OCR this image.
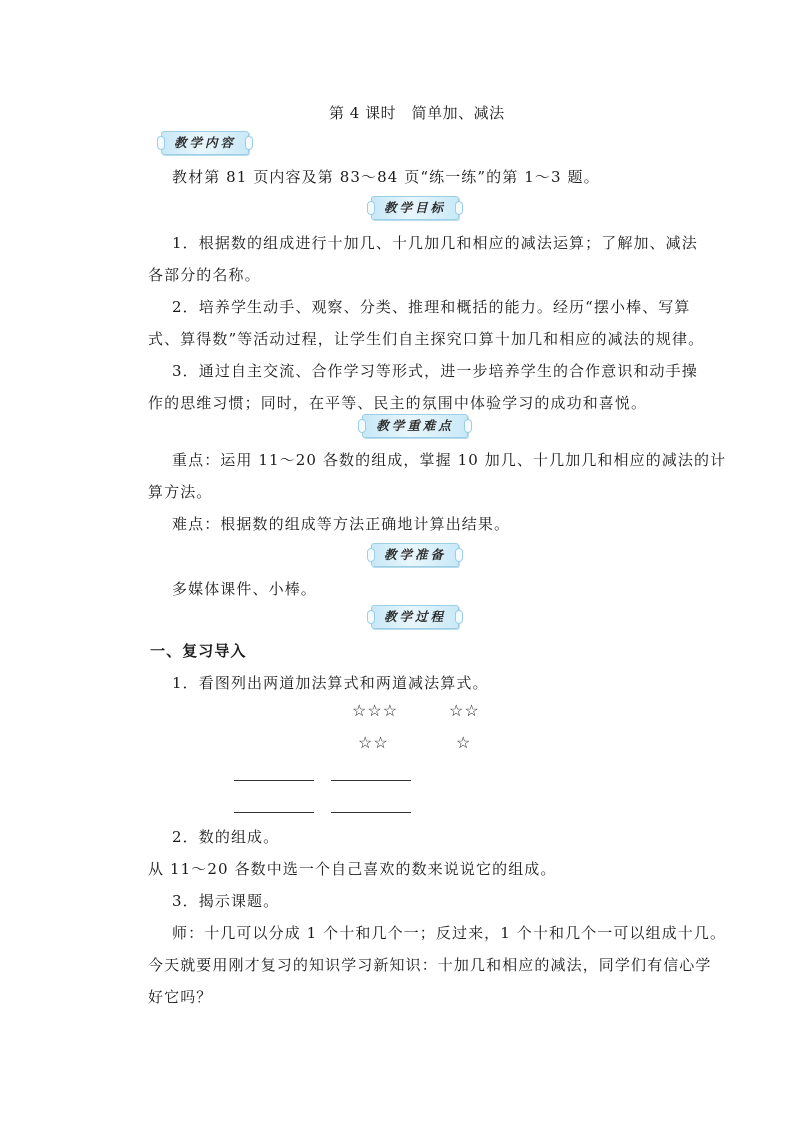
第 4 课时　简单加、减法
教学内容
教材第 81 页内容及第 83～84 页“练一练”的第 1～3 题。
教学目标
1．根据数的组成进行十加几、十几加几和相应的减法运算；了解加、减法
各部分的名称。
2．培养学生动手、观察、分类、推理和概括的能力。经历“摆小棒、写算
式、算得数”等活动过程，让学生们自主探究口算十加几和相应的减法的规律。
3．通过自主交流、合作学习等形式，进一步培养学生的合作意识和动手操
作的思维习惯；同时，在平等、民主的氛围中体验学习的成功和喜悦。
教学重难点
重点：运用 11～20 各数的组成，掌握 10 加几、十几加几和相应的减法的计
算方法。
难点：根据数的组成等方法正确地计算出结果。
教学准备
多媒体课件、小棒。
教学过程
一、复习导入
1．看图列出两道加法算式和两道减法算式。
☆☆☆	☆☆
☆☆	☆
2．数的组成。
从 11～20 各数中选一个自己喜欢的数来说说它的组成。
3．揭示课题。
师：十几可以分成 1 个十和几个一；反过来，1 个十和几个一可以组成十几。
今天就要用刚才复习的知识学习新知识：十加几和相应的减法，同学们有信心学
好它吗？
